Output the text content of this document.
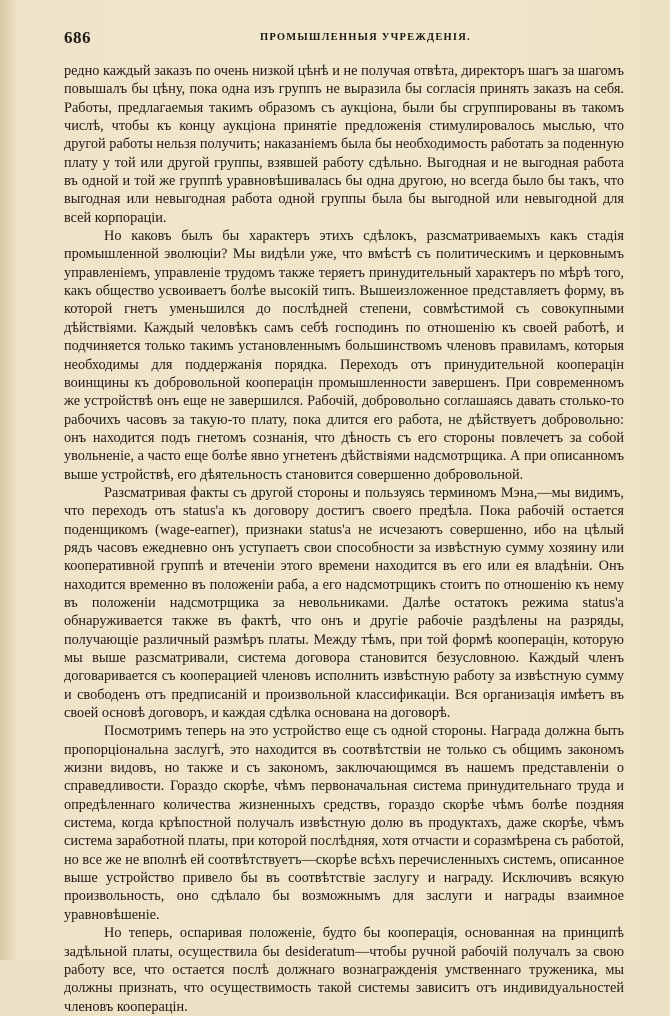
686	ПРОМЫШЛЕННЫЯ УЧРЕЖДЕНІЯ.

редно каждый заказъ по очень низкой цѣнѣ и не получая отвѣта, директоръ шагъ за шагомъ повышалъ бы цѣну, пока одна изъ группъ не выразила бы согласія принять заказъ на себя. Работы, предлагаемыя такимъ образомъ съ аукціона, были бы сгруппированы въ такомъ числѣ, чтобы къ концу аукціона принятіе предложенія стимулировалось мыслью, что другой работы нельзя получить; наказаніемъ была бы необходимость работать за поденную плату у той или другой группы, взявшей работу сдѣльно. Выгодная и не выгодная работа въ одной и той же группѣ уравновѣшивалась бы одна другою, но всегда было бы такъ, что выгодная или невыгодная работа одной группы была бы выгодной или невыгодной для всей корпораціи.

Но каковъ былъ бы характеръ этихъ сдѣлокъ, разсматриваемыхъ какъ стадія промышленной эволюціи? Мы видѣли уже, что вмѣстѣ съ политическимъ и церковнымъ управленіемъ, управленіе трудомъ также теряетъ принудительный характеръ по мѣрѣ того, какъ общество усвоиваетъ болѣе высокій типъ. Вышеизложенное представляетъ форму, въ которой гнетъ уменьшился до послѣдней степени, совмѣстимой съ совокупными дѣйствіями. Каждый человѣкъ самъ себѣ господинъ по отношенію къ своей работѣ, и подчиняется только такимъ установленнымъ большинствомъ членовъ правиламъ, которыя необходимы для поддержанія порядка. Переходъ отъ принудительной кооперацін воинщины къ добровольной кооперацін промышленности завершенъ. При современномъ же устройствѣ онъ еще не завершился. Рабочій, добровольно соглашаясь давать столько-то рабочихъ часовъ за такую-то плату, пока длится его работа, не дѣйствуетъ добровольно: онъ находится подъ гнетомъ сознанія, что дѣность съ его стороны повлечетъ за собой увольненіе, а часто еще болѣе явно угнетенъ дѣйствіями надсмотрщика. А при описанномъ выше устройствѣ, его дѣятельность становится совершенно добровольной.

Разсматривая факты съ другой стороны и пользуясь терминомъ Мэна,—мы видимъ, что переходъ отъ status'а къ договору достигъ своего предѣла. Пока рабочій остается поденщикомъ (wage-earner), признаки status'а не исчезаютъ совершенно, ибо на цѣлый рядъ часовъ ежедневно онъ уступаетъ свои способности за извѣстную сумму хозяину или кооперативной группѣ и втеченіи этого времени находится въ его или ея владѣніи. Онъ находится временно въ положеніи раба, а его надсмотрщикъ стоитъ по отношенію къ нему въ положеніи надсмотрщика за невольниками. Далѣе остатокъ режима status'а обнаруживается также въ фактѣ, что онъ и другіе рабочіе раздѣлены на разряды, получающіе различный размѣръ платы. Между тѣмъ, при той формѣ кооперацін, которую мы выше разсматривали, система договора становится безусловною. Каждый членъ договаривается съ кооперацией членовъ исполнить извѣстную работу за извѣстную сумму и свободенъ отъ предписаній и произвольной классификаціи. Вся организація имѣетъ въ своей основѣ договоръ, и каждая сдѣлка основана на договорѣ.

Посмотримъ теперь на это устройство еще съ одной стороны. Награда должна быть пропорціональна заслугѣ, это находится въ соотвѣтствіи не только съ общимъ закономъ жизни видовъ, но также и съ закономъ, заключающимся въ нашемъ представленіи о справедливости. Гораздо скорѣе, чѣмъ первоначальная система принудительнаго труда и опредѣленнаго количества жизненныхъ средствъ, гораздо скорѣе чѣмъ болѣе поздняя система, когда крѣпостной получалъ извѣстную долю въ продуктахъ, даже скорѣе, чѣмъ система заработной платы, при которой послѣдняя, хотя отчасти и соразмѣрена съ работой, но все же не вполнѣ ей соотвѣтствуетъ—скорѣе всѣхъ перечисленныхъ системъ, описанное выше устройство привело бы въ соотвѣтствіе заслугу и награду. Исключивъ всякую произвольность, оно сдѣлало бы возможнымъ для заслуги и награды взаимное уравновѣшеніе.

Но теперь, оспаривая положеніе, будто бы кооперація, основанная на принципѣ задѣльной платы, осуществила бы desideratum—чтобы ручной рабочій получалъ за свою работу все, что остается послѣ должнаго вознагражденія умственнаго труженика, мы должны признать, что осуществимость такой системы зависитъ отъ индивидуальностей членовъ кооперацін.
